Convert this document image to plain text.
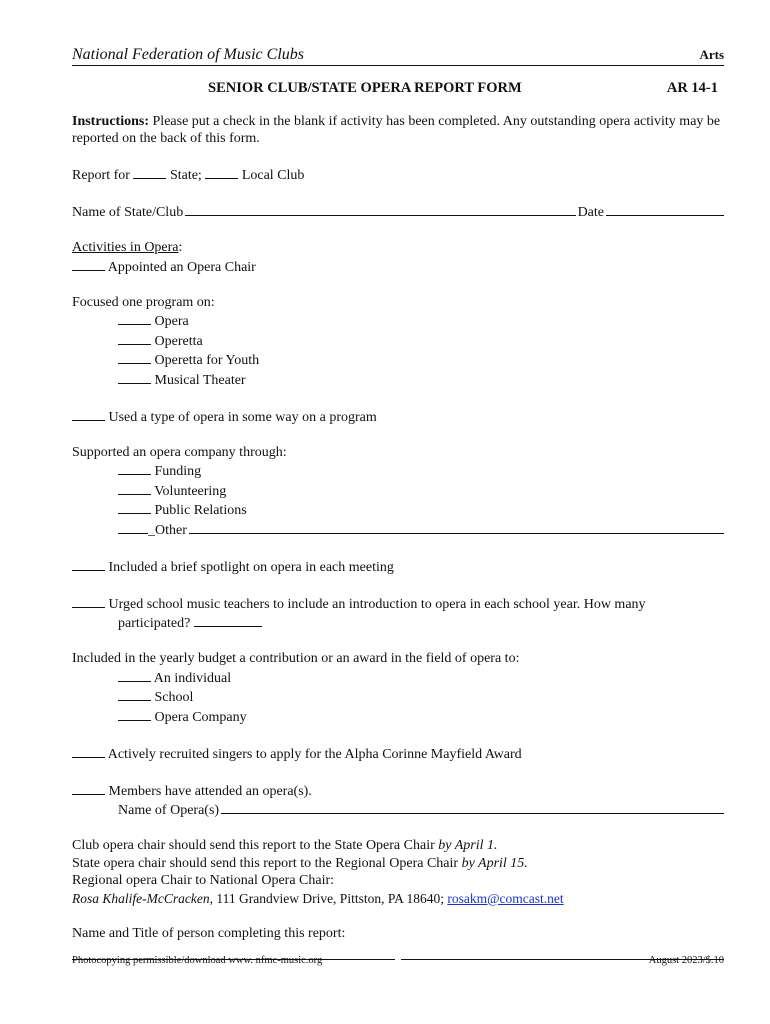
National Federation of Music Clubs	Arts
SENIOR CLUB/STATE OPERA REPORT FORM	AR 14-1

Instructions: Please put a check in the blank if activity has been completed. Any outstanding opera activity may be reported on the back of this form.

Report for  State;  Local Club

Name of State/Club	Date

Activities in Opera:

Appointed an Opera Chair

Focused one program on:

Opera

Operetta

Operetta for Youth

Musical Theater

Used a type of opera in some way on a program

Supported an opera company through:

Funding

Volunteering

Public Relations

_Other

Included a brief spotlight on opera in each meeting

Urged school music teachers to include an introduction to opera in each school year. How many

participated?

Included in the yearly budget a contribution or an award in the field of opera to:

An individual

School

Opera Company

Actively recruited singers to apply for the Alpha Corinne Mayfield Award

Members have attended an opera(s).

Name of Opera(s)

Club opera chair should send this report to the State Opera Chair by April 1.

State opera chair should send this report to the Regional Opera Chair by April 15.

Regional opera Chair to National Opera Chair:

Rosa Khalife-McCracken, 111 Grandview Drive, Pittston, PA 18640; rosakm@comcast.net

Name and Title of person completing this report:

Photocopying permissible/download www. nfmc-music.org	August 2023/$.10
